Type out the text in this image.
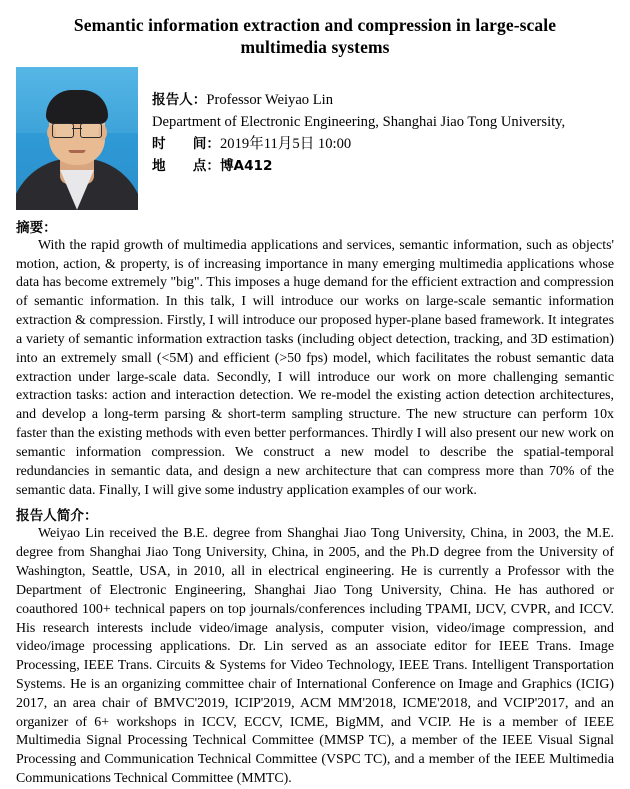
Semantic information extraction and compression in large-scale multimedia systems
报告人：Professor Weiyao Lin
Department of Electronic Engineering, Shanghai Jiao Tong University,
时　　间：2019年11月5日 10:00
地　　点：博A412
摘要：

With the rapid growth of multimedia applications and services, semantic information, such as objects' motion, action, & property, is of increasing importance in many emerging multimedia applications whose data has become extremely "big". This imposes a huge demand for the efficient extraction and compression of semantic information. In this talk, I will introduce our works on large-scale semantic information extraction & compression. Firstly, I will introduce our proposed hyper-plane based framework. It integrates a variety of semantic information extraction tasks (including object detection, tracking, and 3D estimation) into an extremely small (<5M) and efficient (>50 fps) model, which facilitates the robust semantic data extraction under large-scale data. Secondly, I will introduce our work on more challenging semantic extraction tasks: action and interaction detection. We re-model the existing action detection architectures, and develop a long-term parsing & short-term sampling structure. The new structure can perform 10x faster than the existing methods with even better performances. Thirdly I will also present our new work on semantic information compression. We construct a new model to describe the spatial-temporal redundancies in semantic data, and design a new architecture that can compress more than 70% of the semantic data. Finally, I will give some industry application examples of our work.

报告人简介：

Weiyao Lin received the B.E. degree from Shanghai Jiao Tong University, China, in 2003, the M.E. degree from Shanghai Jiao Tong University, China, in 2005, and the Ph.D degree from the University of Washington, Seattle, USA, in 2010, all in electrical engineering. He is currently a Professor with the Department of Electronic Engineering, Shanghai Jiao Tong University, China. He has authored or coauthored 100+ technical papers on top journals/conferences including TPAMI, IJCV, CVPR, and ICCV. His research interests include video/image analysis, computer vision, video/image compression, and video/image processing applications. Dr. Lin served as an associate editor for IEEE Trans. Image Processing, IEEE Trans. Circuits & Systems for Video Technology, IEEE Trans. Intelligent Transportation Systems. He is an organizing committee chair of International Conference on Image and Graphics (ICIG) 2017, an area chair of BMVC'2019, ICIP'2019, ACM MM'2018, ICME'2018, and VCIP'2017, and an organizer of 6+ workshops in ICCV, ECCV, ICME, BigMM, and VCIP. He is a member of IEEE Multimedia Signal Processing Technical Committee (MMSP TC), a member of the IEEE Visual Signal Processing and Communication Technical Committee (VSPC TC), and a member of the IEEE Multimedia Communications Technical Committee (MMTC).
